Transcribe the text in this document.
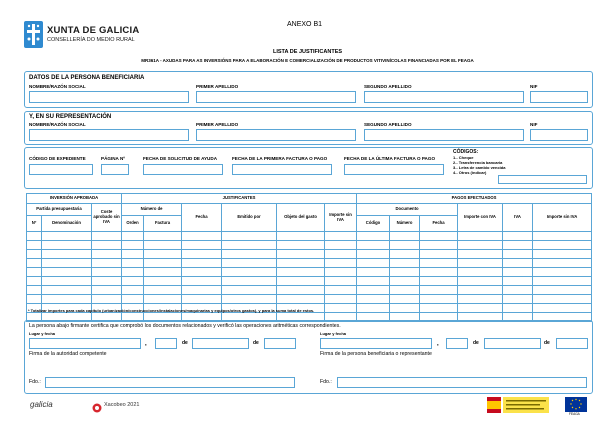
XUNTA DE GALICIA
CONSELLERÍA DO MEDIO RURAL
ANEXO B1
LISTA DE JUSTIFICANTES
MR361A - AXUDAS PARA AS INVERSIÓNS PARA A ELABORACIÓN E COMERCIALIZACIÓN DE PRODUCTOS VITIVINÍCOLAS FINANCIADAS POR EL FEAGA
DATOS DE LA PERSONA BENEFICIARIA
NOMBRE/RAZÓN SOCIAL	PRIMER APELLIDO	SEGUNDO APELLIDO	NIF
Y, EN SU REPRESENTACIÓN
NOMBRE/RAZÓN SOCIAL	PRIMER APELLIDO	SEGUNDO APELLIDO	NIF
CÓDIGO DE EXPEDIENTE	PÁGINA Nº	FECHA DE SOLICITUD DE AYUDA	FECHA DE LA PRIMERA FACTURA O PAGO	FECHA DE LA ÚLTIMA FACTURA O PAGO
CÓDIGOS:
1.- Cheque
2.- Transferencia bancaria
3.- Letra de cambio vencida
4.- Otros (indicar)
INVERSIÓN APROBADA			JUSTIFICANTES						PAGOS EFECTUADOS					
Partida presupuestaria		Coste aprobado sin IVA	Número de		Fecha	Emitido por	Objeto del gasto	Importe sin IVA	Documento			Importe con IVA	IVA	Importe sin IVA
Nº	Denominación		Orden	Factura					Código	Número	Fecha			

* Totalizar importes para cada capítulo (urbanización/construcciones/instalaciones/maquinarias y equipos/otros gastos), y para la suma total de estos.
La persona abajo firmante certifica que comprobó los documentos relacionados y verificó las operaciones aritméticas correspondientes.
Lugar y fecha
,	de	de
Lugar y fecha
,	de	de
Firma de la autoridad competente	Firma de la persona beneficiaria o representante
Fdo.:	Fdo.:
galicia	Xacobeo 2021
FEAGA
